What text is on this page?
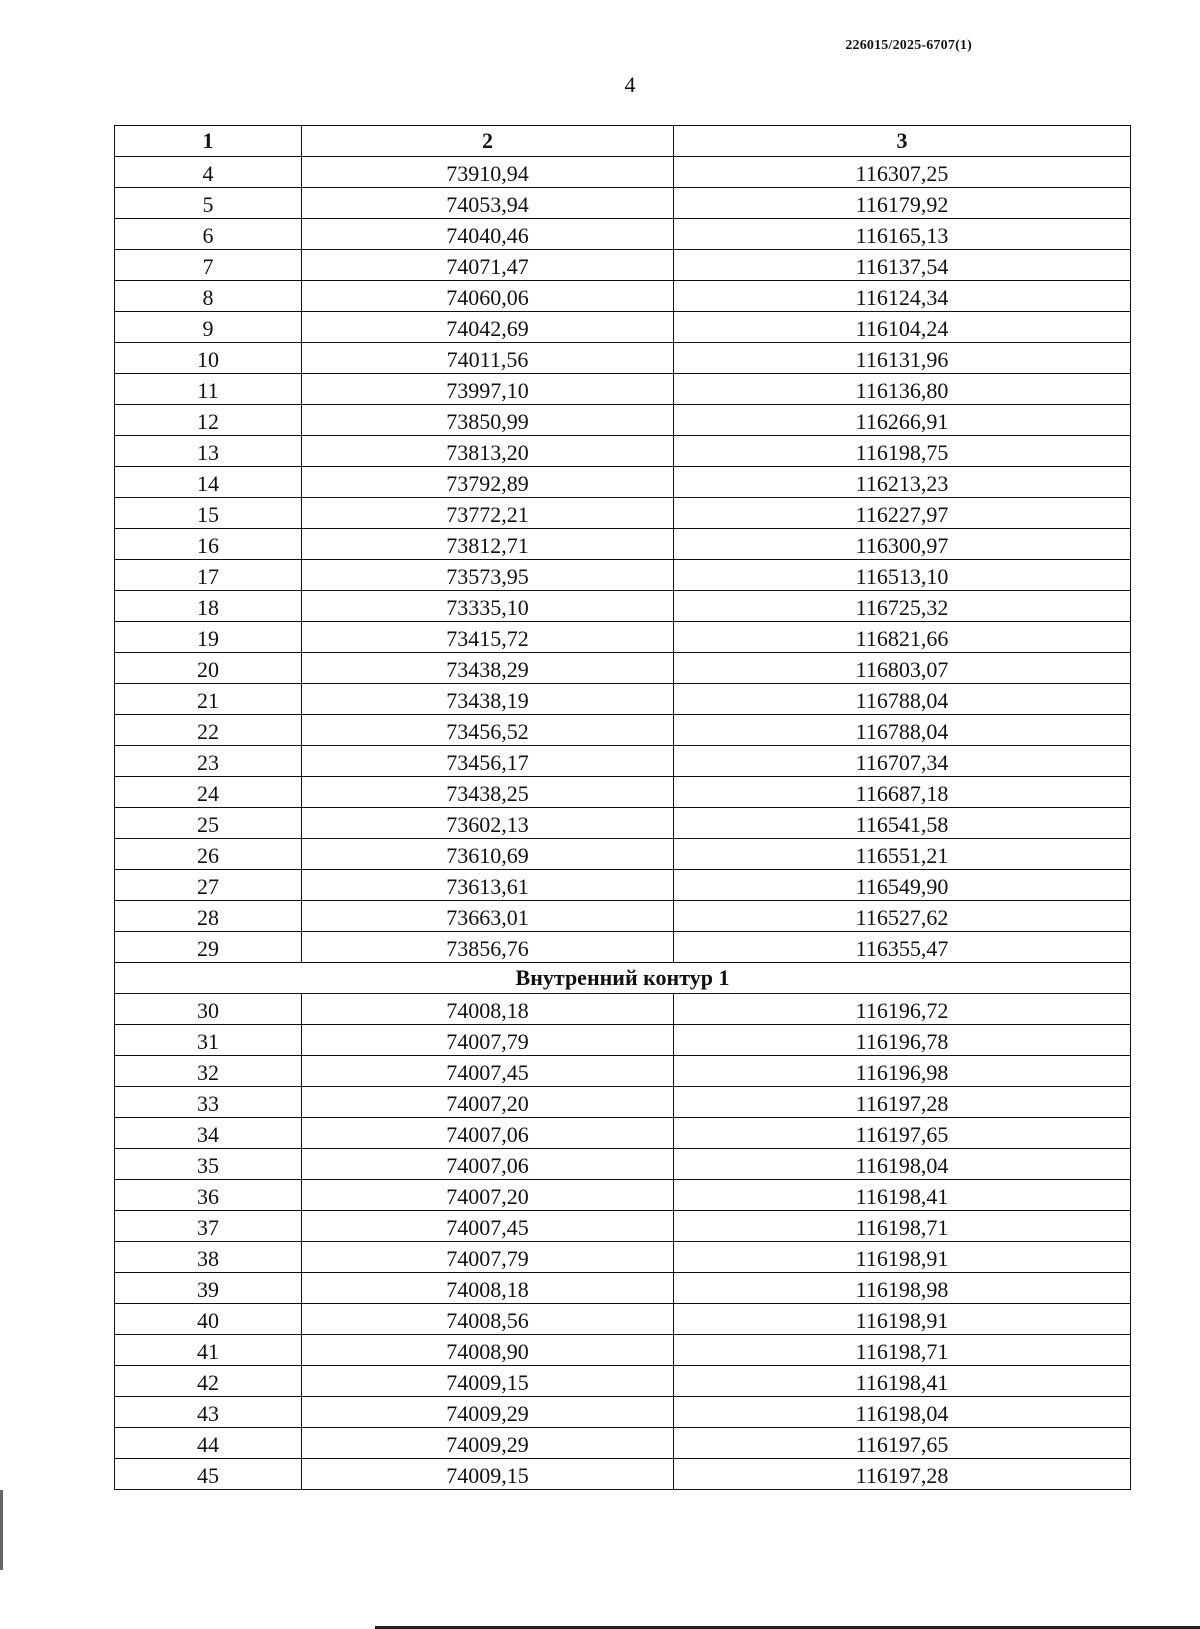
226015/2025-6707(1)
4
1	2	3
4	73910,94	116307,25
5	74053,94	116179,92
6	74040,46	116165,13
7	74071,47	116137,54
8	74060,06	116124,34
9	74042,69	116104,24
10	74011,56	116131,96
11	73997,10	116136,80
12	73850,99	116266,91
13	73813,20	116198,75
14	73792,89	116213,23
15	73772,21	116227,97
16	73812,71	116300,97
17	73573,95	116513,10
18	73335,10	116725,32
19	73415,72	116821,66
20	73438,29	116803,07
21	73438,19	116788,04
22	73456,52	116788,04
23	73456,17	116707,34
24	73438,25	116687,18
25	73602,13	116541,58
26	73610,69	116551,21
27	73613,61	116549,90
28	73663,01	116527,62
29	73856,76	116355,47
Внутренний контур 1		
30	74008,18	116196,72
31	74007,79	116196,78
32	74007,45	116196,98
33	74007,20	116197,28
34	74007,06	116197,65
35	74007,06	116198,04
36	74007,20	116198,41
37	74007,45	116198,71
38	74007,79	116198,91
39	74008,18	116198,98
40	74008,56	116198,91
41	74008,90	116198,71
42	74009,15	116198,41
43	74009,29	116198,04
44	74009,29	116197,65
45	74009,15	116197,28
